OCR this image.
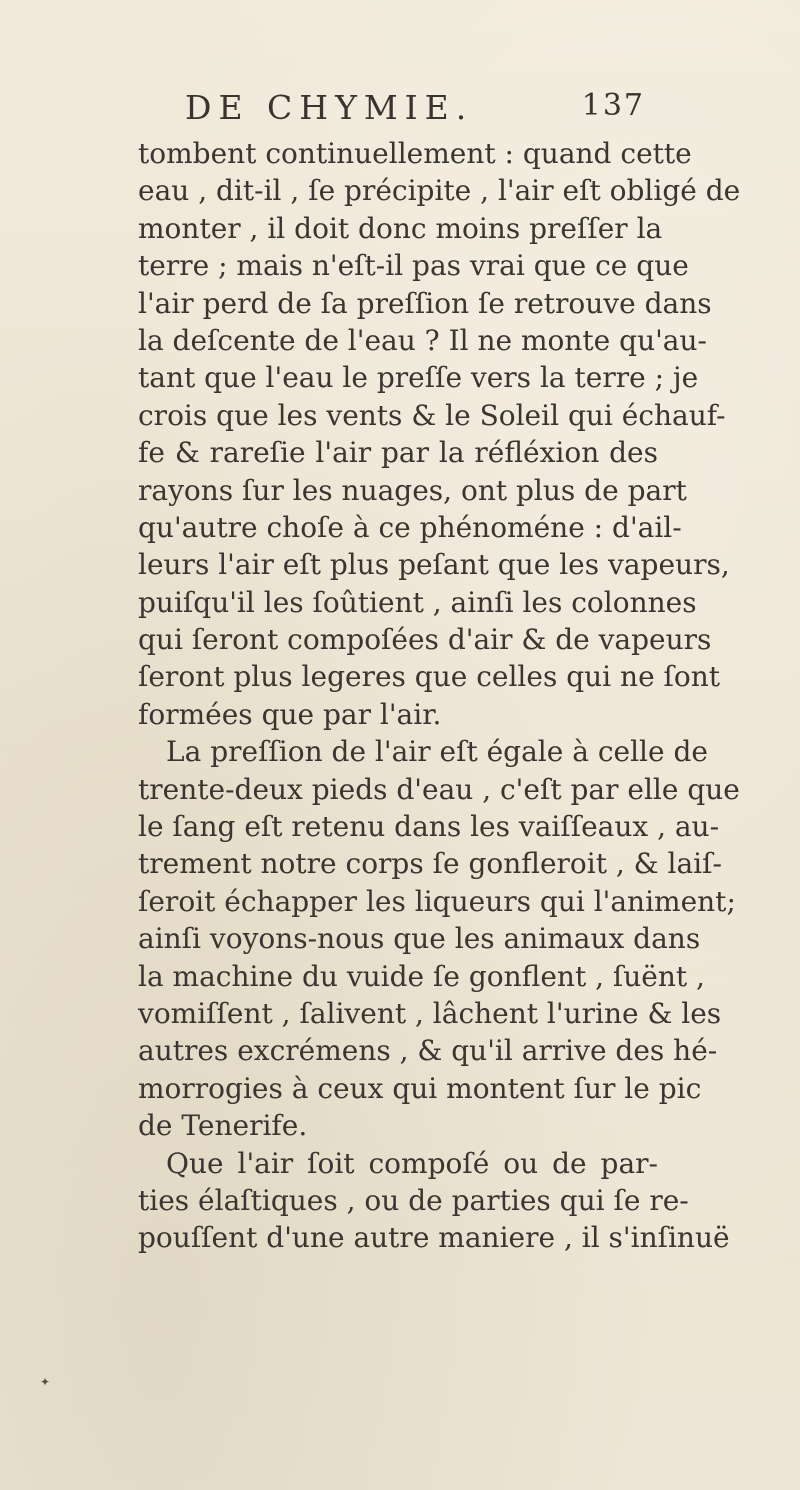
DE CHYMIE.	137
tombent continuellement : quand cette
eau , dit-il , ſe précipite , l'air eſt obligé de
monter , il doit donc moins preſſer la
terre ; mais n'eſt-il pas vrai que ce que
l'air perd de ſa preſſion ſe retrouve dans
la deſcente de l'eau ? Il ne monte qu'au-
tant que l'eau le preſſe vers la terre ; je
crois que les vents & le Soleil qui échauf-
fe & rareſie l'air par la réfléxion des
rayons ſur les nuages, ont plus de part
qu'autre choſe à ce phénoméne : d'ail-
leurs l'air eſt plus peſant que les vapeurs,
puiſqu'il les ſoûtient , ainſi les colonnes
qui ſeront compoſées d'air & de vapeurs
ſeront plus legeres que celles qui ne ſont
formées que par l'air.
La preſſion de l'air eſt égale à celle de
trente-deux pieds d'eau , c'eſt par elle que
le ſang eſt retenu dans les vaiſſeaux , au-
trement notre corps ſe gonfleroit , & laiſ-
ſeroit échapper les liqueurs qui l'animent;
ainſi voyons-nous que les animaux dans
la machine du vuide ſe gonflent , ſuënt ,
vomiſſent , ſalivent , lâchent l'urine & les
autres excrémens , & qu'il arrive des hé-
morrogies à ceux qui montent ſur le pic
de Tenerife.
Que l'air ſoit compoſé ou de par-
ties élaſtiques , ou de parties qui ſe re-
pouſſent d'une autre maniere , il s'inſinuë
✦
